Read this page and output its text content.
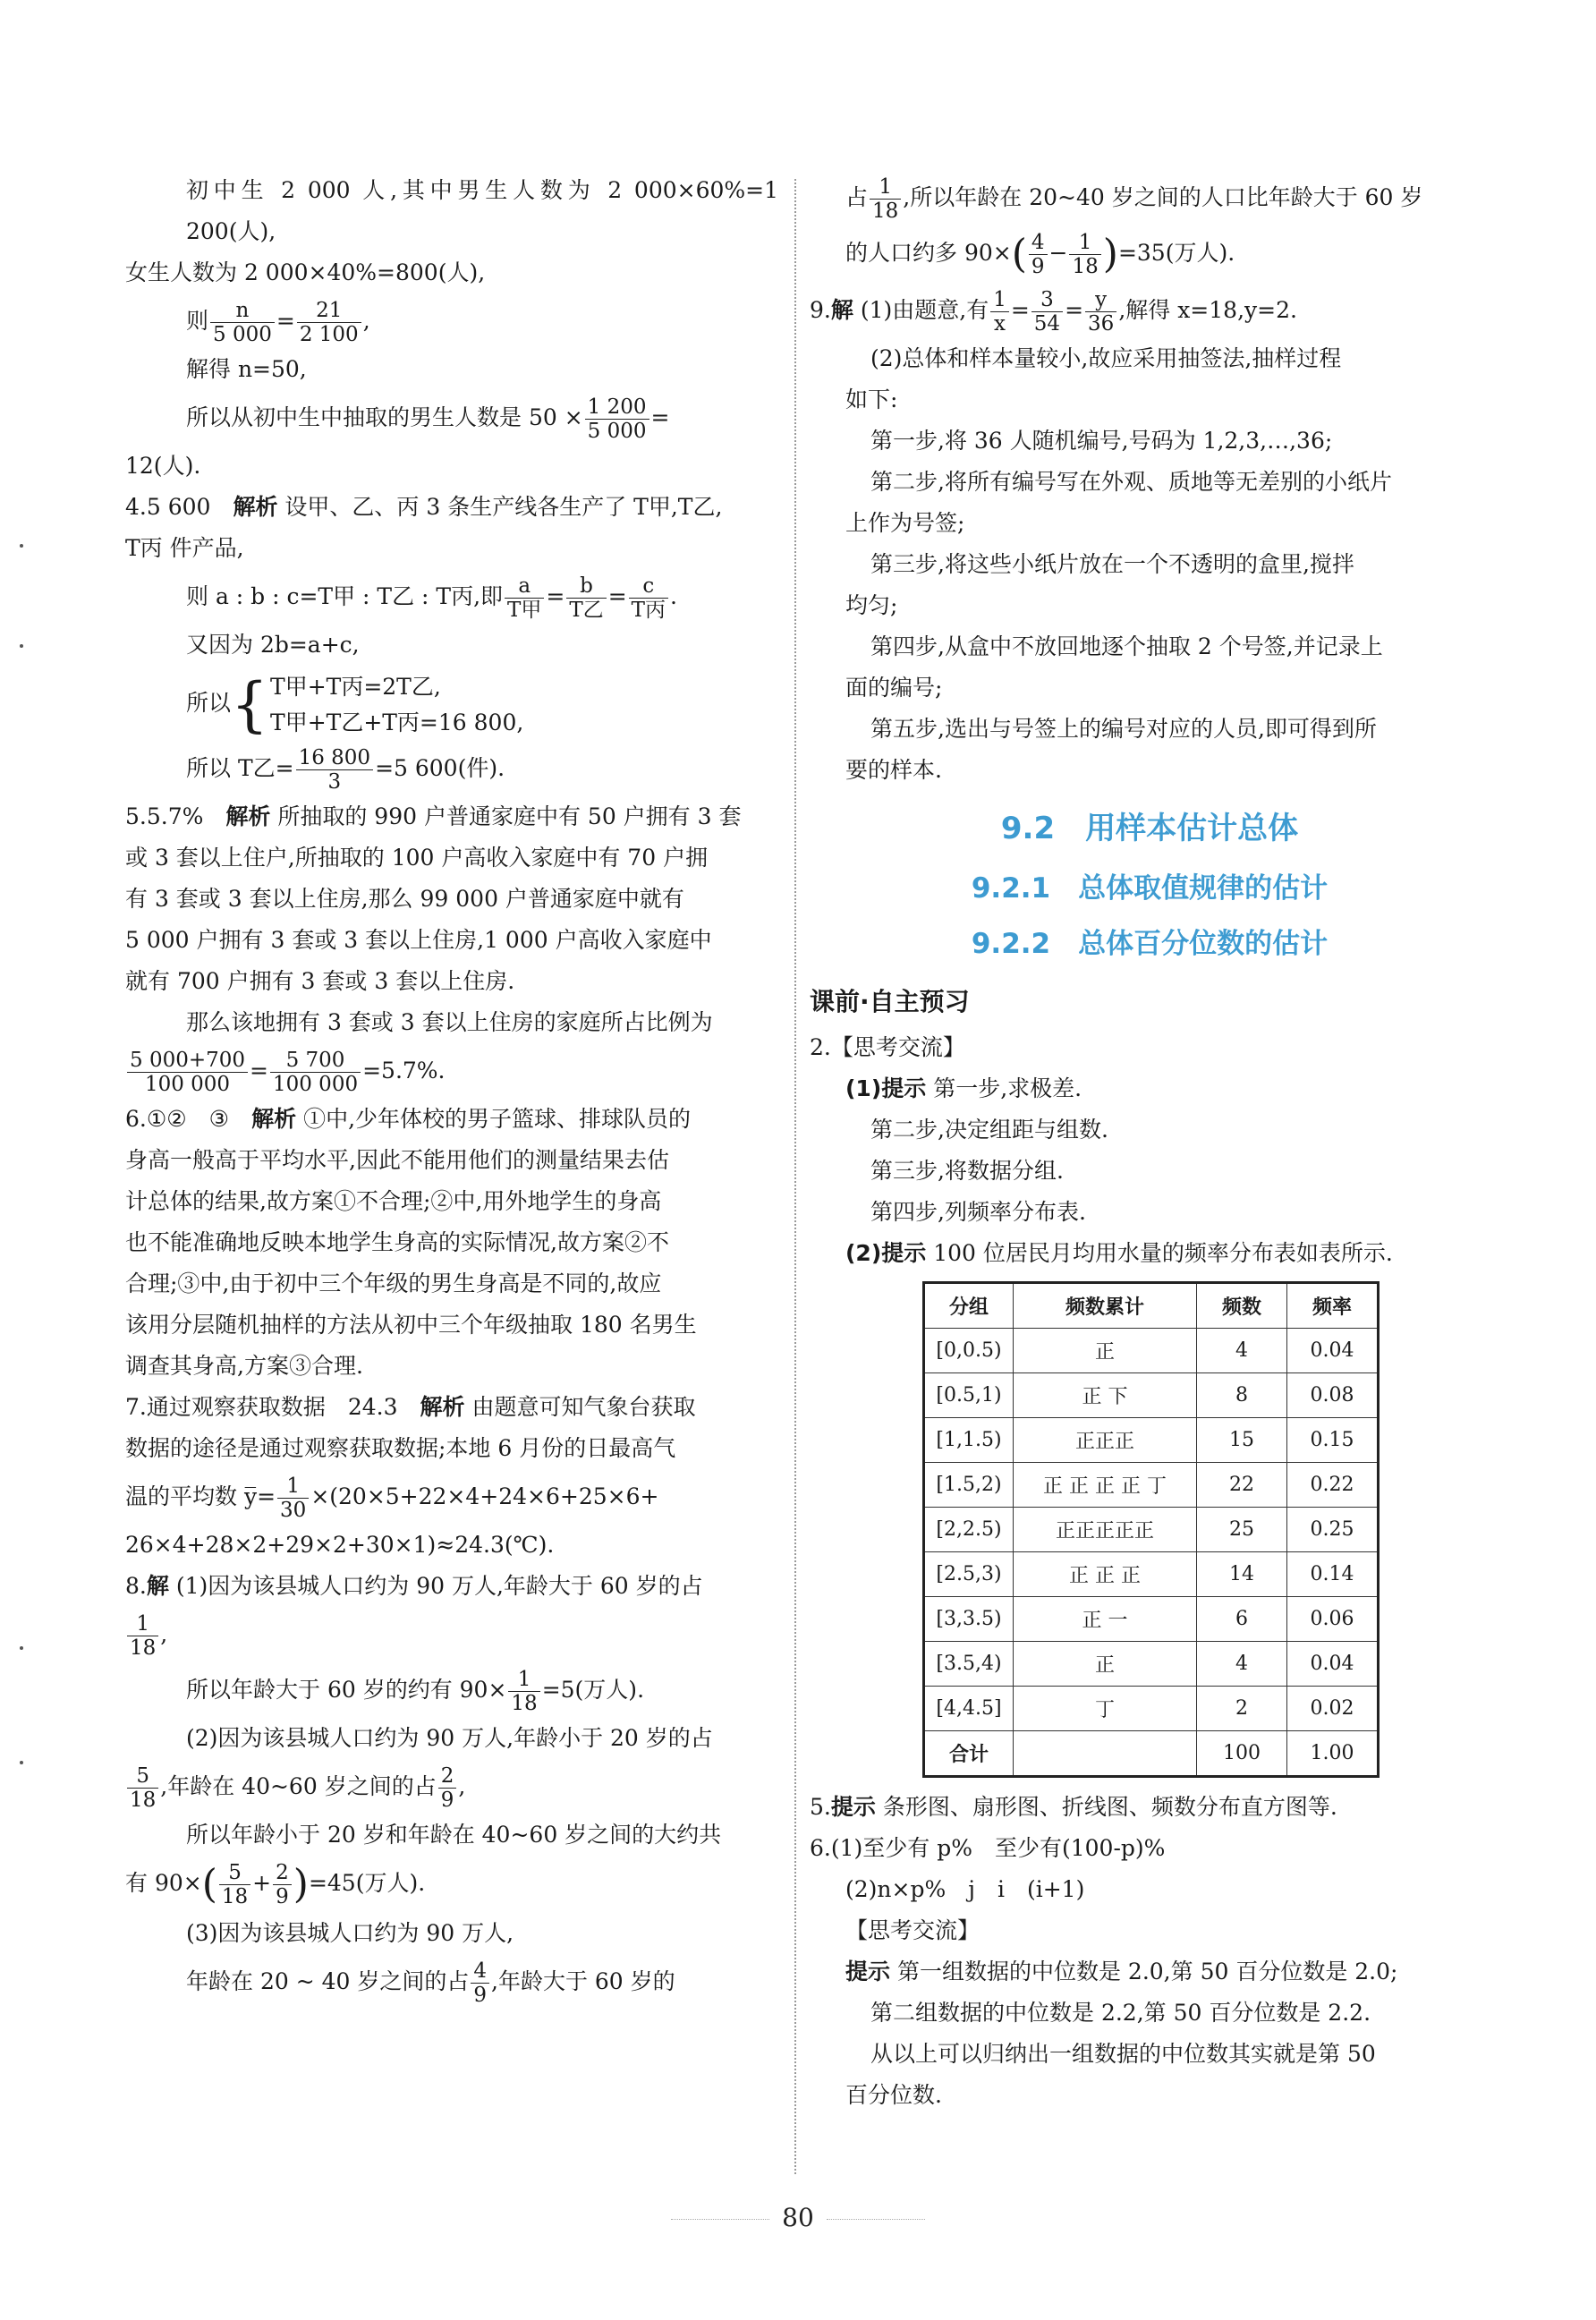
初中生 2 000 人,其中男生人数为 2 000×60%=1 200(人),

女生人数为 2 000×40%=800(人),

则 $\frac{n}{5 000} = \frac{21}{2 100}$ ,

解得 n=50,

所以从初中生中抽取的男生人数是 $50 \times \frac{1 200}{5 000}$ =

12(人).

4.5 600　 解析 设甲、乙、丙 3 条生产线各生产了 T甲,T乙,

T丙 件产品,

则 a : b : c=T甲 : T乙 : T丙,即 $\frac{a}{\text{T甲}} = \frac{b}{\text{T乙}} = \frac{c}{\text{T丙}}$ .

又因为 2b=a+c,

所以{ T甲+T丙=2T乙,
T甲+T乙+T丙=16 800,

所以 T乙= $\frac{16 800}{3} =5$ 600(件).

5.5.7%　 解析 所抽取的 990 户普通家庭中有 50 户拥有 3 套

或 3 套以上住户,所抽取的 100 户高收入家庭中有 70 户拥

有 3 套或 3 套以上住房,那么 99 000 户普通家庭中就有

5 000 户拥有 3 套或 3 套以上住房,1 000 户高收入家庭中

就有 700 户拥有 3 套或 3 套以上住房.

那么该地拥有 3 套或 3 套以上住房的家庭所占比例为

$\frac{5 000+700}{100 000} = \frac{5 700}{100 000} =5.7\%$.

6.①②　③　 解析 ①中,少年体校的男子篮球、排球队员的

身高一般高于平均水平,因此不能用他们的测量结果去估

计总体的结果,故方案①不合理;②中,用外地学生的身高

也不能准确地反映本地学生身高的实际情况,故方案②不

合理;③中,由于初中三个年级的男生身高是不同的,故应

该用分层随机抽样的方法从初中三个年级抽取 180 名男生

调查其身高,方案③合理.

7.通过观察获取数据　24.3　 解析 由题意可知气象台获取

数据的途径是通过观察获取数据;本地 6 月份的日最高气

温的平均数 y̅= $\frac{1}{30} \times(20\times 5+22\times 4+24\times 6+25\times 6+$

26×4+28×2+29×2+30×1)≈24.3(℃).

8.解 (1)因为该县城人口约为 90 万人,年龄大于 60 岁的占

$\frac{1}{18}$ ,

所以年龄大于 60 岁的约有 $90\times \frac{1}{18} =5$(万人).

(2)因为该县城人口约为 90 万人,年龄小于 20 岁的占

$\frac{5}{18}$ ,年龄在 40~60 岁之间的占 $\frac{2}{9}$ ,

所以年龄小于 20 岁和年龄在 40~60 岁之间的大约共

有 $90\times( \frac{5}{18} + \frac{2}{9} )=45$(万人).

(3)因为该县城人口约为 90 万人,

年龄在 20 ~ 40 岁之间的占 $\frac{4}{9}$ ,年龄大于 60 岁的

占 $\frac{1}{18}$ ,所以年龄在 20~40 岁之间的人口比年龄大于 60 岁

的人口约多 $90\times( \frac{4}{9} - \frac{1}{18} )=35$(万人).

9.解 (1)由题意,有 $\frac{1}{x} = \frac{3}{54} = \frac{y}{36}$ ,解得 x=18,y=2.

(2)总体和样本量较小,故应采用抽签法,抽样过程

如下:

第一步,将 36 人随机编号,号码为 1,2,3,…,36;

第二步,将所有编号写在外观、质地等无差别的小纸片

上作为号签;

第三步,将这些小纸片放在一个不透明的盒里,搅拌

均匀;

第四步,从盒中不放回地逐个抽取 2 个号签,并记录上

面的编号;

第五步,选出与号签上的编号对应的人员,即可得到所

要的样本.

9.2　用样本估计总体
9.2.1　总体取值规律的估计
9.2.2　总体百分位数的估计
课前·自主预习

2.【思考交流】

(1)提示 第一步,求极差.

第二步,决定组距与组数.

第三步,将数据分组.

第四步,列频率分布表.

(2)提示 100 位居民月均用水量的频率分布表如表所示.

分组	频数累计	频数	频率
[0,0.5)	正	4	0.04
[0.5,1)	正 下	8	0.08
[1,1.5)	正正正	15	0.15
[1.5,2)	正 正 正 正 丁	22	0.22
[2,2.5)	正正正正正	25	0.25
[2.5,3)	正 正 正	14	0.14
[3,3.5)	正 一	6	0.06
[3.5,4)	正	4	0.04
[4,4.5]	丁	2	0.02
合计		100	1.00

5.提示 条形图、扇形图、折线图、频数分布直方图等.

6.(1)至少有 p%　至少有(100-p)%

(2)n×p%　j　i　(i+1)

【思考交流】

提示 第一组数据的中位数是 2.0,第 50 百分位数是 2.0;

第二组数据的中位数是 2.2,第 50 百分位数是 2.2.

从以上可以归纳出一组数据的中位数其实就是第 50

百分位数.

80
